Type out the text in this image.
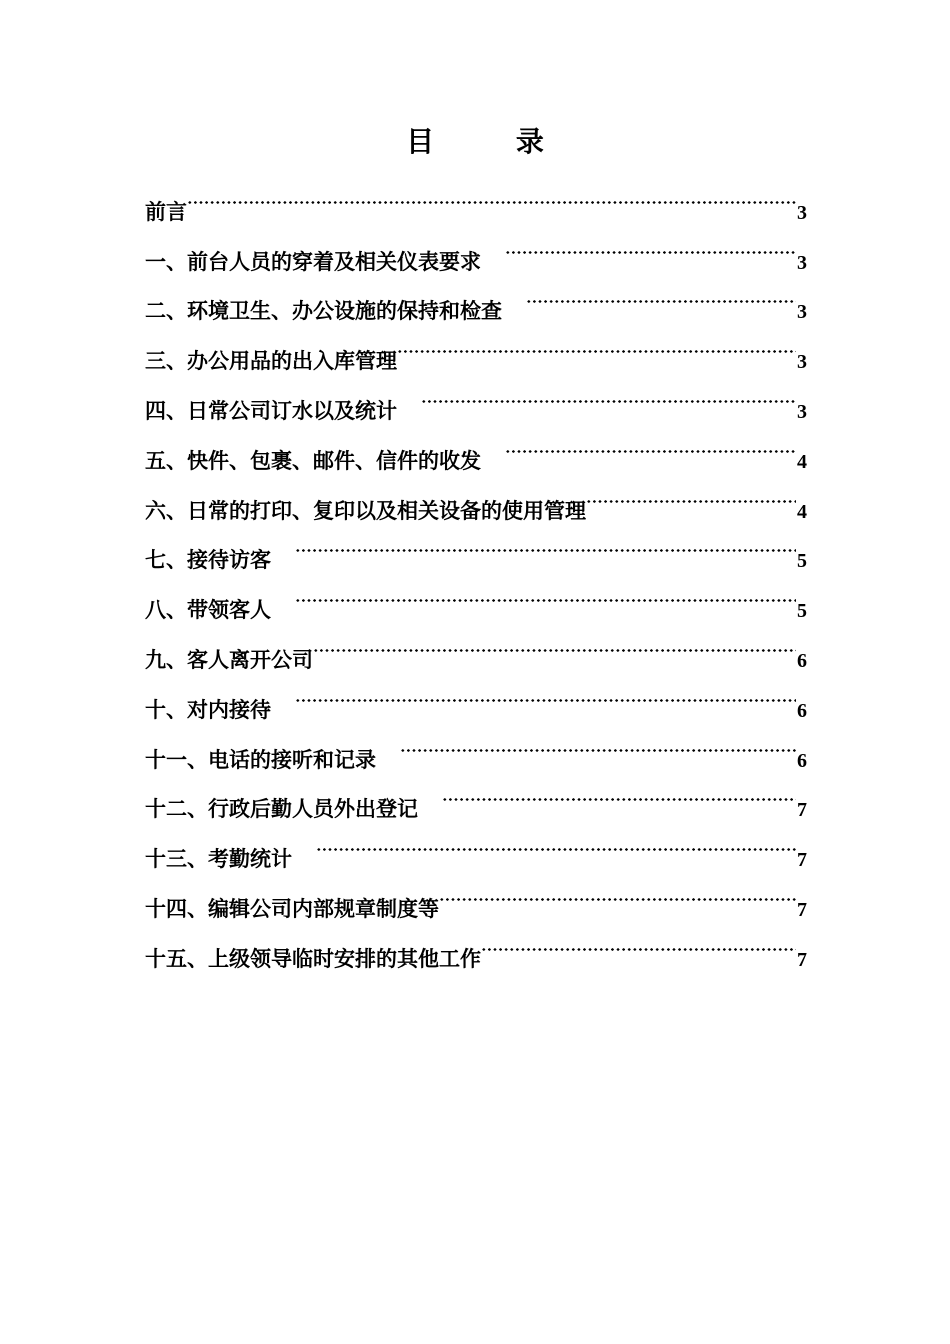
目 录
前言	3
一、前台人员的穿着及相关仪表要求	3
二、环境卫生、办公设施的保持和检查	3
三、办公用品的出入库管理	3
四、日常公司订水以及统计	3
五、快件、包裹、邮件、信件的收发	4
六、日常的打印、复印以及相关设备的使用管理	4
七、接待访客	5
八、带领客人	5
九、客人离开公司	6
十、对内接待	6
十一、电话的接听和记录	6
十二、行政后勤人员外出登记	7
十三、考勤统计	7
十四、编辑公司内部规章制度等	7
十五、上级领导临时安排的其他工作	7
